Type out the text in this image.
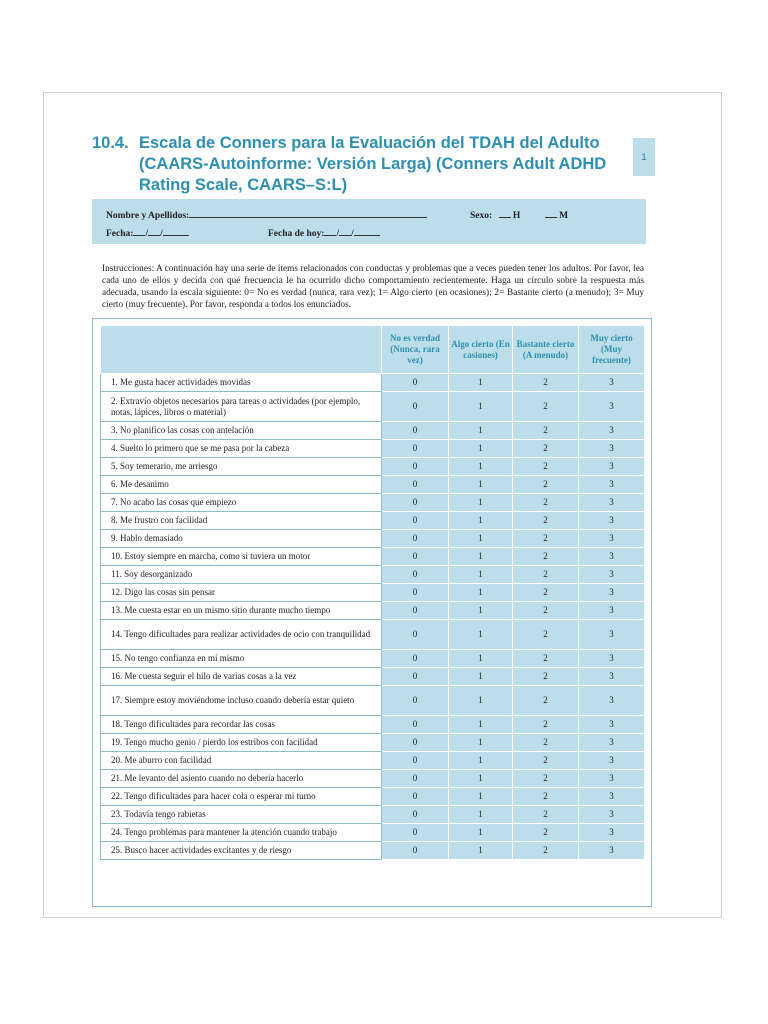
10.4. Escala de Conners para la Evaluación del TDAH del Adulto (CAARS-Autoinforme: Versión Larga) (Conners Adult ADHD Rating Scale, CAARS–S:L)
1
Nombre y Apellidos:	Sexo: H	M
Fecha: / /	Fecha de hoy: / /
Instrucciones: A continuación hay una serie de ítems relacionados con conductas y problemas que a veces pueden tener los adultos. Por favor, lea cada uno de ellos y decida con qué frecuencia le ha ocurrido dicho comportamiento recientemente. Haga un círculo sobre la respuesta más adecuada, usando la escala siguiente: 0= No es verdad (nunca, rara vez); 1= Algo cierto (en ocasiones); 2= Bastante cierto (a menudo); 3= Muy cierto (muy frecuente). Por favor, responda a todos los enunciados.
	No es verdad (Nunca, rara vez)	Algo cierto (En casiones)	Bastante cierto (A menudo)	Muy cierto (Muy frecuente)
1. Me gusta hacer actividades movidas	0	1	2	3
2. Extravío objetos necesarios para tareas o actividades (por ejemplo, notas, lápices, libros o material)	0	1	2	3
3. No planifico las cosas con antelación	0	1	2	3
4. Suelto lo primero que se me pasa por la cabeza	0	1	2	3
5. Soy temerario, me arriesgo	0	1	2	3
6. Me desanimo	0	1	2	3
7. No acabo las cosas que empiezo	0	1	2	3
8. Me frustro con facilidad	0	1	2	3
9. Hablo demasiado	0	1	2	3
10. Estoy siempre en marcha, como si tuviera un motor	0	1	2	3
11. Soy desorganizado	0	1	2	3
12. Digo las cosas sin pensar	0	1	2	3
13. Me cuesta estar en un mismo sitio durante mucho tiempo	0	1	2	3
14. Tengo dificultades para realizar actividades de ocio con tranquilidad	0	1	2	3
15. No tengo confianza en mí mismo	0	1	2	3
16. Me cuesta seguir el hilo de varias cosas a la vez	0	1	2	3
17. Siempre estoy moviéndome incluso cuando debería estar quieto	0	1	2	3
18. Tengo dificultades para recordar las cosas	0	1	2	3
19. Tengo mucho genio / pierdo los estribos con facilidad	0	1	2	3
20. Me aburro con facilidad	0	1	2	3
21. Me levanto del asiento cuando no debería hacerlo	0	1	2	3
22. Tengo dificultades para hacer cola o esperar mi turno	0	1	2	3
23. Todavía tengo rabietas	0	1	2	3
24. Tengo problemas para mantener la atención cuando trabajo	0	1	2	3
25. Busco hacer actividades excitantes y de riesgo	0	1	2	3
